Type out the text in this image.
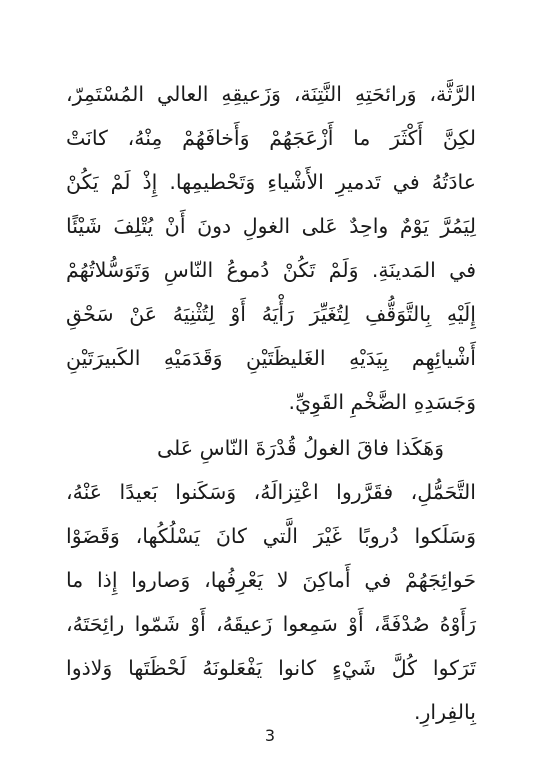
الرَّثَّة، وَرائحَتِهِ النَّتِنَة، وَزَعيقِهِ العالي المُسْتَمِرّ،
لكِنَّ أَكْثَرَ ما أَزْعَجَهُمْ وَأَخافَهُمْ مِنْهُ، كانَتْ
عادَتُهُ في تَدميرِ الأَشْياءِ وَتَحْطيمِها. إِذْ لَمْ يَكُنْ
لِيَمُرَّ يَوْمٌ واحِدٌ عَلى الغولِ دونَ أَنْ يُتْلِفَ شَيْئًا
في المَدينَةِ. وَلَمْ تَكُنْ دُموعُ النّاسِ وَتَوَسُّلاتُهُمْ
إِلَيْهِ بِالتَّوَقُّفِ لِتُغَيِّرَ رَأْيَهُ أَوْ لِتُثْنِيَهُ عَنْ سَحْقِ
أَشْيائِهِم بِيَدَيْهِ الغَليظَتَيْنِ وَقَدَمَيْهِ الكَبيرَتَيْنِ
وَجَسَدِهِ الضَّخْمِ القَوِيِّ.
وَهَكَذا فاقَ الغولُ قُدْرَةَ النّاسِ عَلى
التَّحَمُّلِ، فقَرَّروا اعْتِزالَهُ، وَسَكَنوا بَعيدًا عَنْهُ،
وَسَلَكوا دُروبًا غَيْرَ الَّتي كانَ يَسْلُكُها، وَقَضَوْا
حَوائِجَهُمْ في أَماكِنَ لا يَعْرِفُها، وَصاروا إِذا ما
رَأَوْهُ صُدْفَةً، أَوْ سَمِعوا زَعيقَهُ، أَوْ شَمّوا رائِحَتَهُ،
تَرَكوا كُلَّ شَيْءٍ كانوا يَفْعَلونَهُ لَحْظَتَها وَلاذوا
بِالفِرارِ.
3
